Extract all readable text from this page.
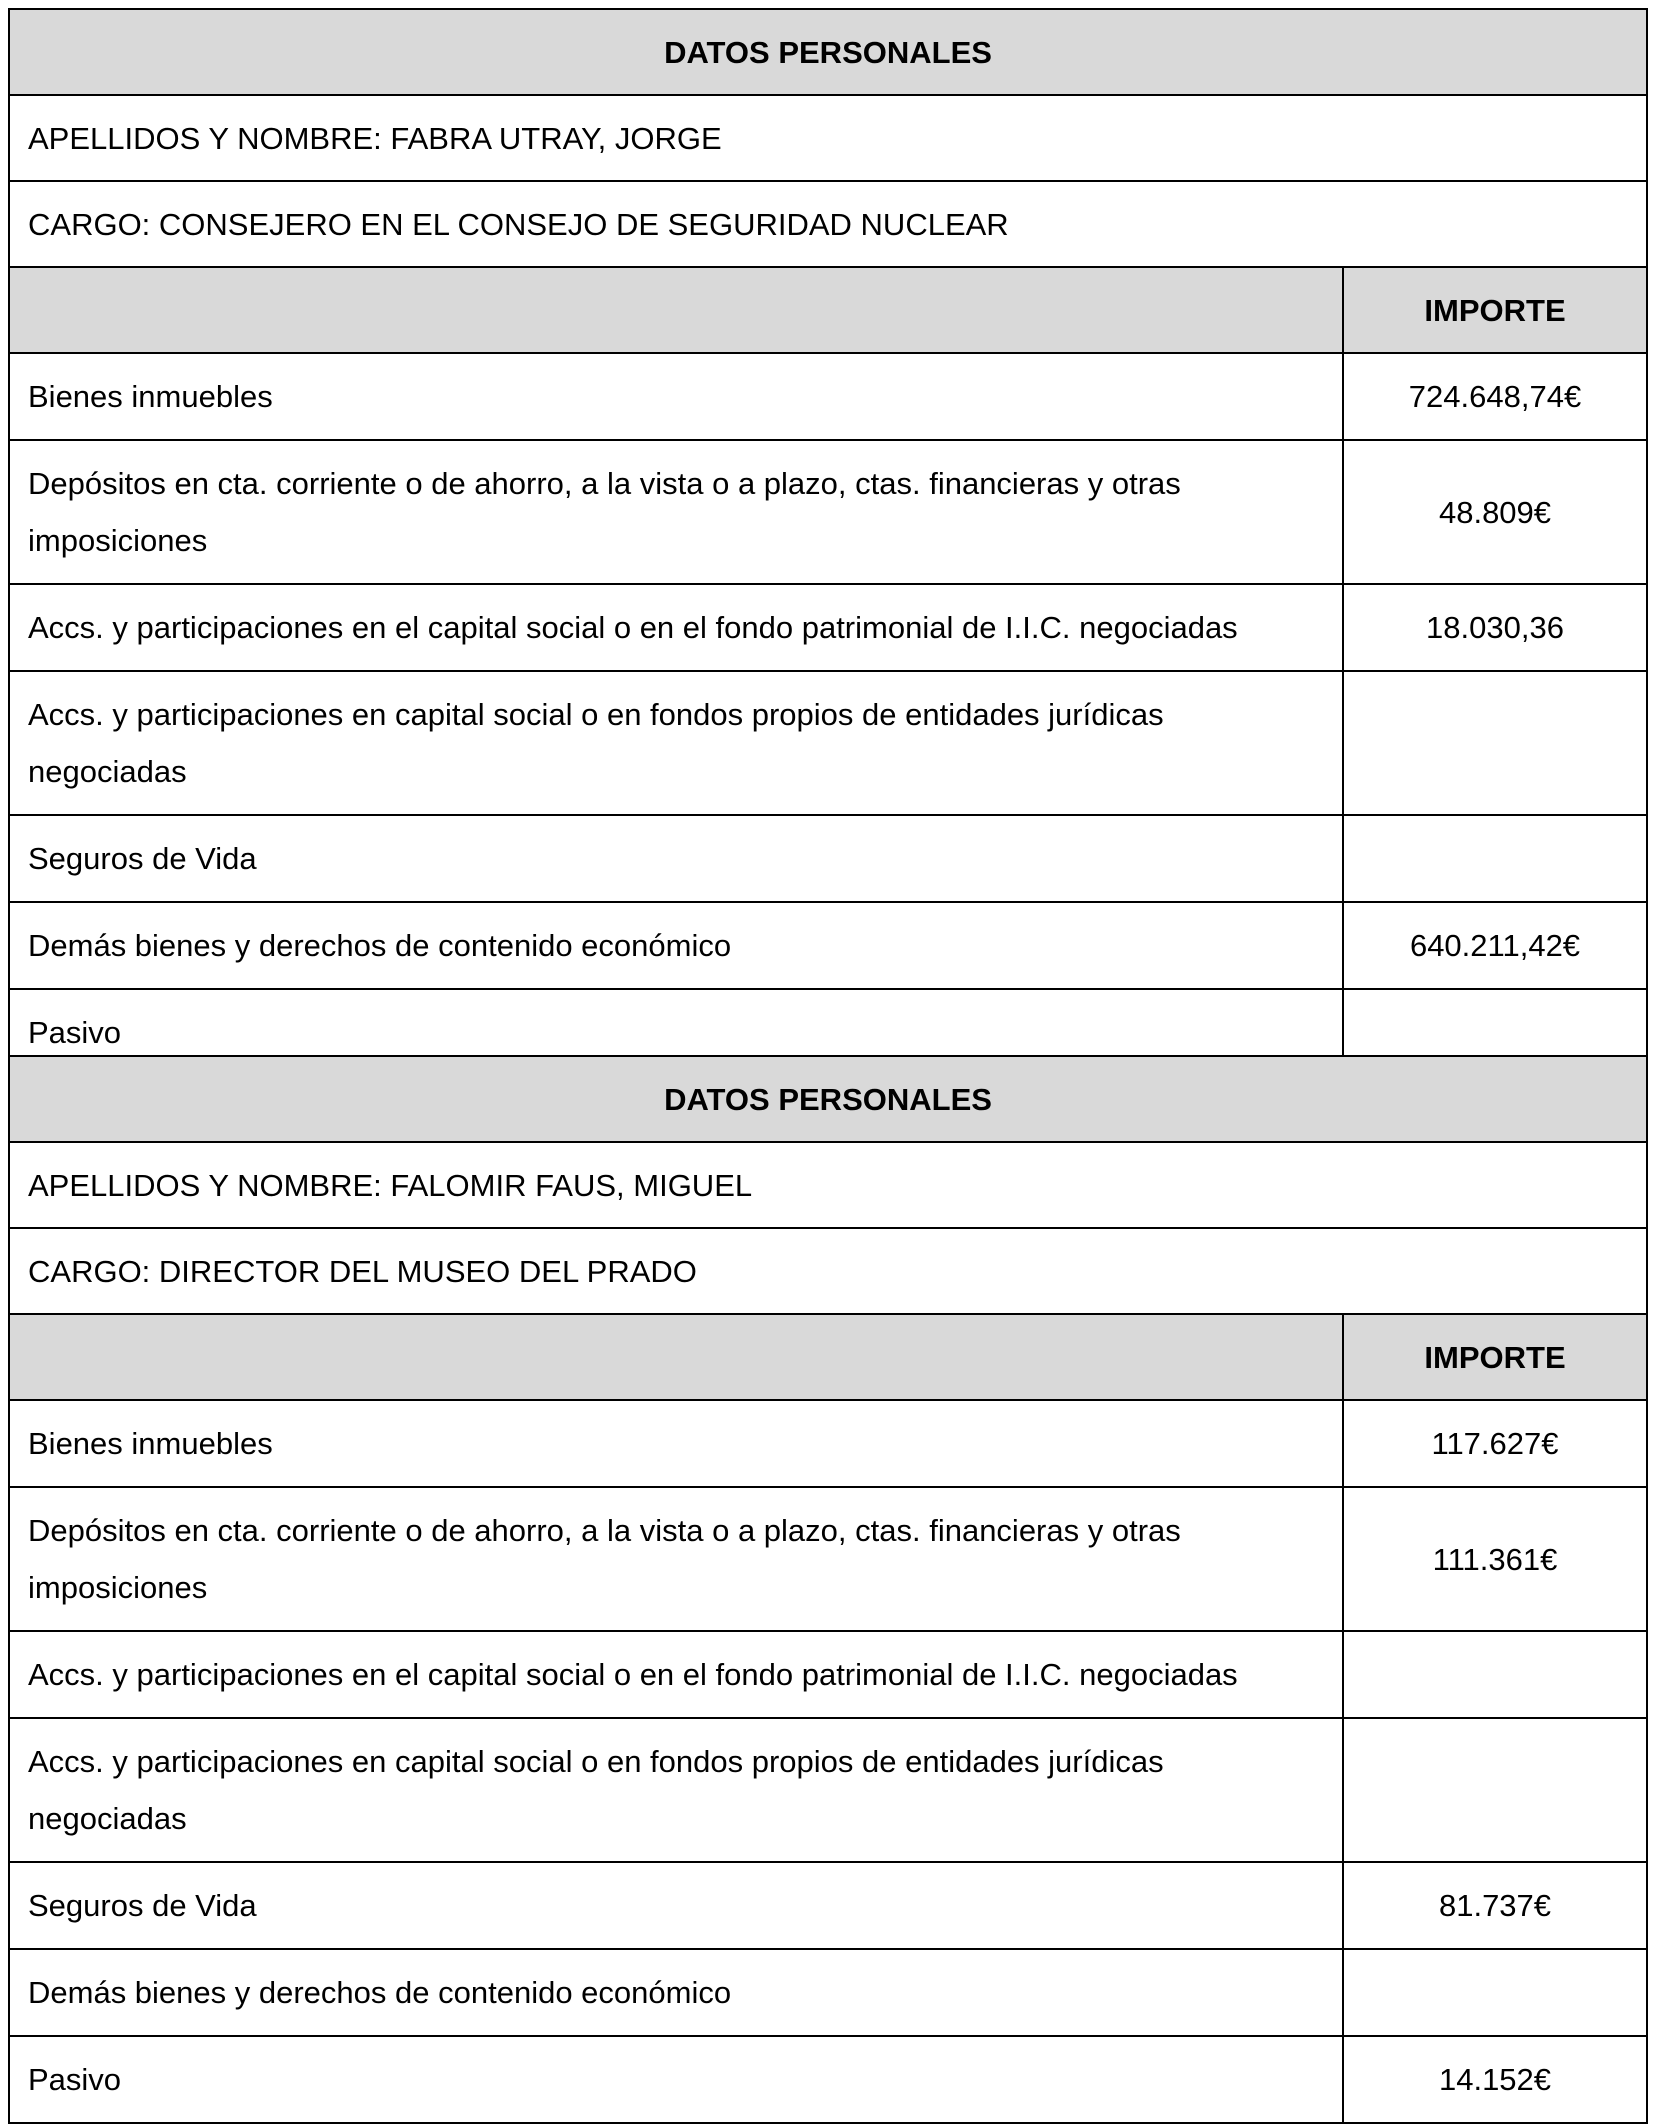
DATOS PERSONALES	
APELLIDOS Y NOMBRE: FABRA UTRAY, JORGE	
CARGO: CONSEJERO EN EL CONSEJO DE SEGURIDAD NUCLEAR	
	IMPORTE
Bienes inmuebles	724.648,74€
Depósitos en cta. corriente o de ahorro, a la vista o a plazo, ctas. financieras y otras imposiciones	48.809€
Accs. y participaciones en el capital social o en el fondo patrimonial de I.I.C. negociadas	18.030,36
Accs. y participaciones en capital social o en fondos propios de entidades jurídicas negociadas	
Seguros de Vida	
Demás bienes y derechos de contenido económico	640.211,42€
Pasivo	
DATOS PERSONALES	
APELLIDOS Y NOMBRE: FALOMIR FAUS, MIGUEL	
CARGO: DIRECTOR DEL MUSEO DEL PRADO	
	IMPORTE
Bienes inmuebles	117.627€
Depósitos en cta. corriente o de ahorro, a la vista o a plazo, ctas. financieras y otras imposiciones	111.361€
Accs. y participaciones en el capital social o en el fondo patrimonial de I.I.C. negociadas	
Accs. y participaciones en capital social o en fondos propios de entidades jurídicas negociadas	
Seguros de Vida	81.737€
Demás bienes y derechos de contenido económico	
Pasivo	14.152€
